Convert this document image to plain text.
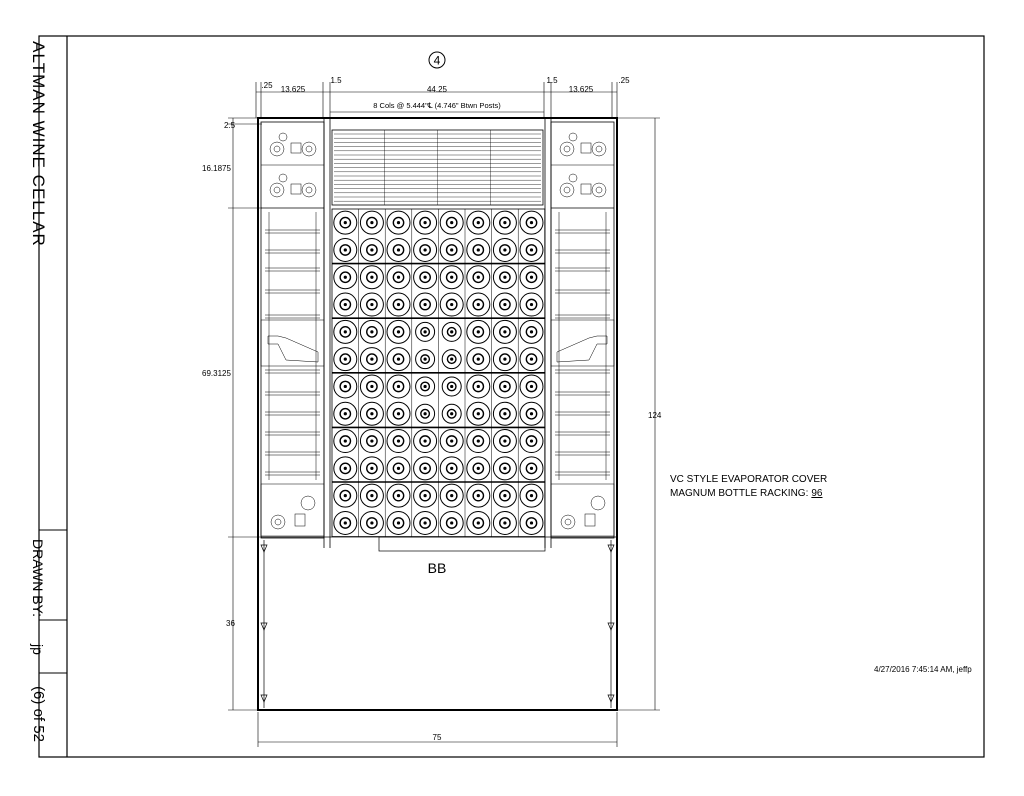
4
.25 13.625
1.5
44.25
1.5
13.625
.25
8 Cols @ 5.444"℄ (4.746" Btwn Posts)
2.5
16.1875
69.3125
36
124
75
BB
ALTMAN WINE CELLAR
DRAWN BY:
jp
(6) of 52
VC STYLE EVAPORATOR COVER
MAGNUM BOTTLE RACKING: 96
4/27/2016 7:45:14 AM, jeffp
